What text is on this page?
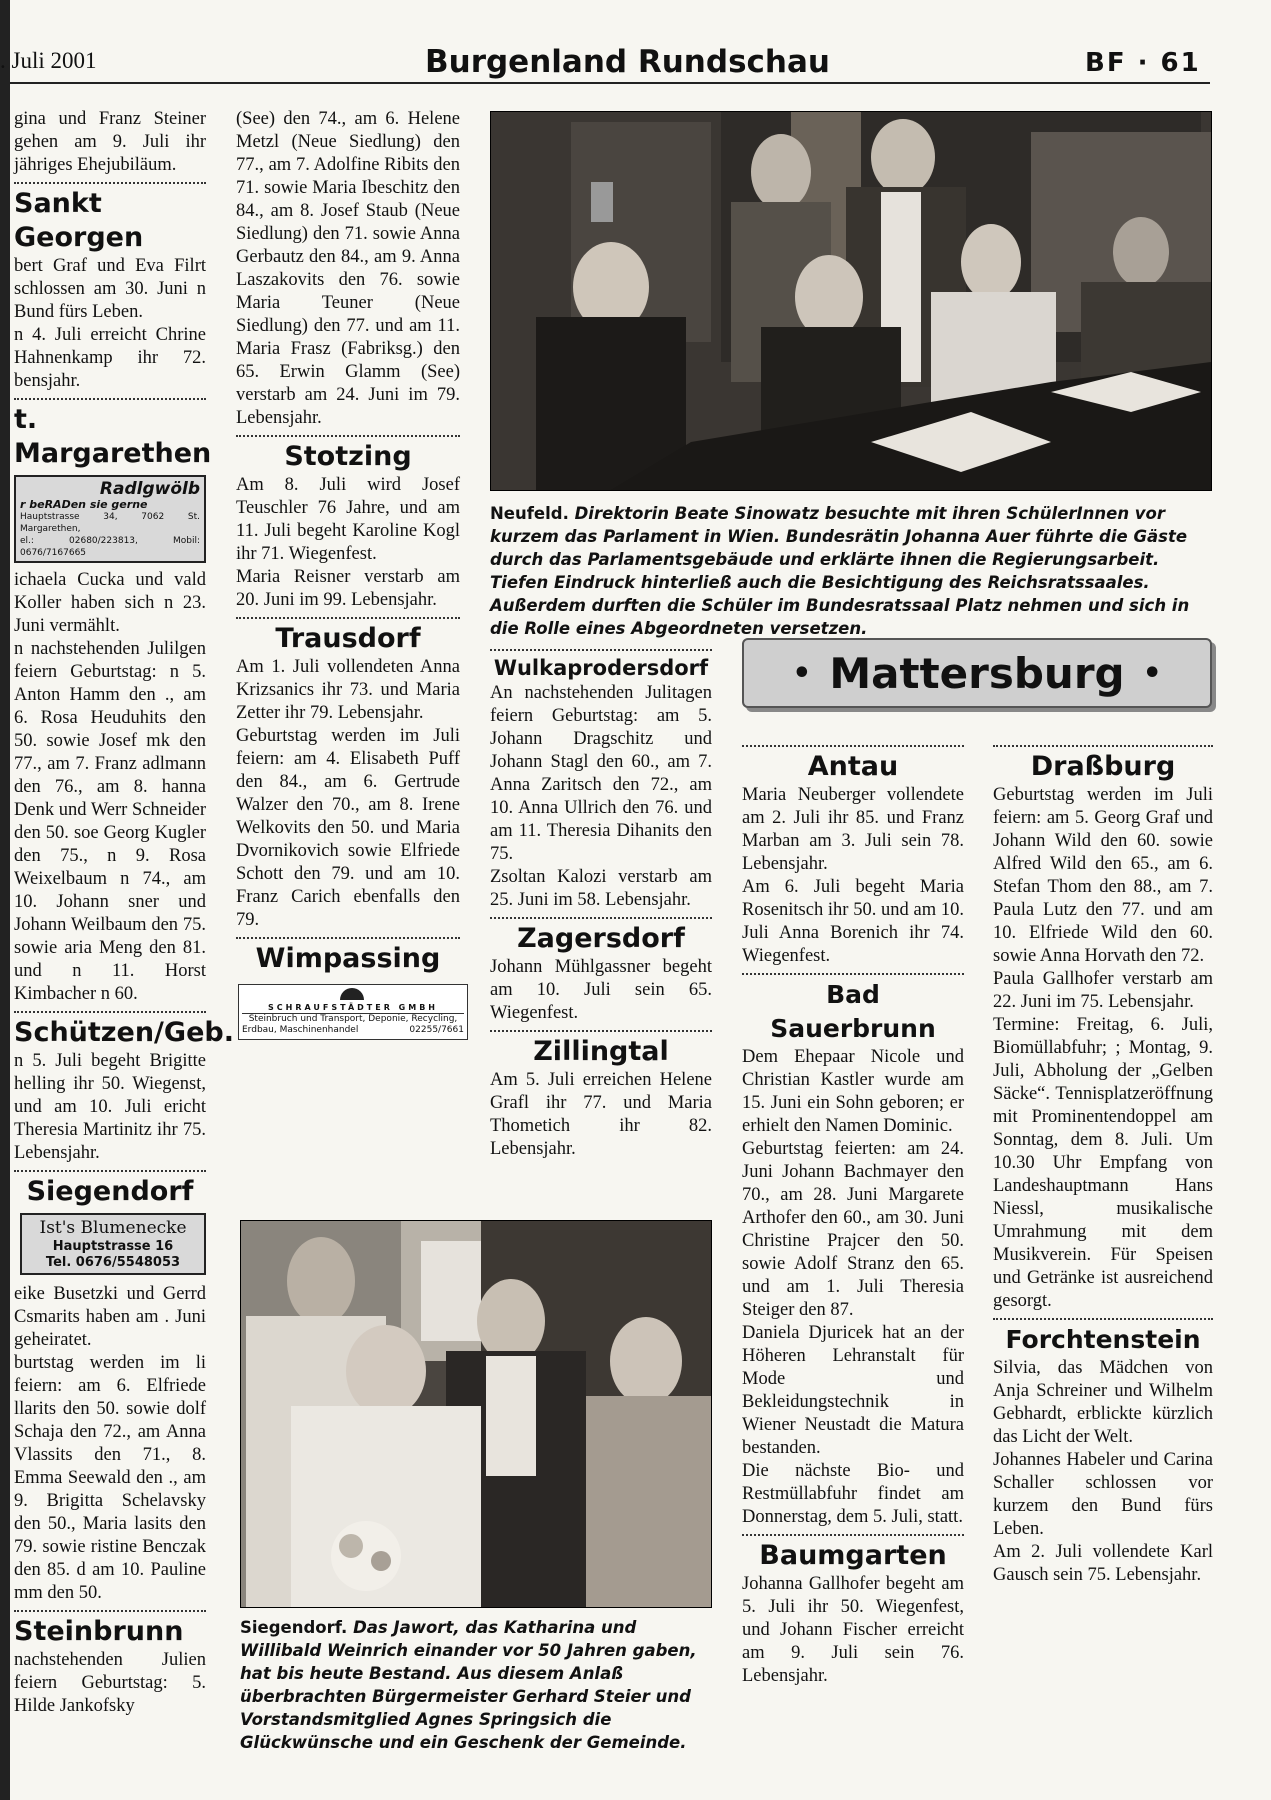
. Juli 2001	Burgenland Rundschau	BF · 61

gina und Franz Steiner gehen am 9. Juli ihr jähriges Ehejubiläum.

Sankt Georgen

bert Graf und Eva Filrt schlossen am 30. Juni n Bund fürs Leben.

n 4. Juli erreicht Chrine Hahnenkamp ihr 72. bensjahr.

t. Margarethen
Radlgwölb
r beRADen sie gerne
Hauptstrasse 34, 7062 St. Margarethen,
el.: 02680/223813, Mobil: 0676/7167665

ichaela Cucka und vald Koller haben sich n 23. Juni vermählt.

n nachstehenden Julilgen feiern Geburtstag: n 5. Anton Hamm den ., am 6. Rosa Heuduhits den 50. sowie Josef mk den 77., am 7. Franz adlmann den 76., am 8. hanna Denk und Werr Schneider den 50. soe Georg Kugler den 75., n 9. Rosa Weixelbaum n 74., am 10. Johann sner und Johann Weilbaum den 75. sowie aria Meng den 81. und n 11. Horst Kimbacher n 60.

Schützen/Geb.

n 5. Juli begeht Brigitte helling ihr 50. Wiegenst, und am 10. Juli ericht Theresia Martinitz ihr 75. Lebensjahr.

Siegendorf
Ist's Blumenecke
Hauptstrasse 16
Tel. 0676/5548053

eike Busetzki und Gerrd Csmarits haben am . Juni geheiratet.

burtstag werden im li feiern: am 6. Elfriede llarits den 50. sowie dolf Schaja den 72., am Anna Vlassits den 71., 8. Emma Seewald den ., am 9. Brigitta Schelavsky den 50., Maria lasits den 79. sowie ristine Benczak den 85. d am 10. Pauline mm den 50.

Steinbrunn

nachstehenden Julien feiern Geburtstag: 5. Hilde Jankofsky

(See) den 74., am 6. Helene Metzl (Neue Siedlung) den 77., am 7. Adolfine Ribits den 71. sowie Maria Ibeschitz den 84., am 8. Josef Staub (Neue Siedlung) den 71. sowie Anna Gerbautz den 84., am 9. Anna Laszakovits den 76. sowie Maria Teuner (Neue Siedlung) den 77. und am 11. Maria Frasz (Fabriksg.) den 65. Erwin Glamm (See) verstarb am 24. Juni im 79. Lebensjahr.

Stotzing

Am 8. Juli wird Josef Teuschler 76 Jahre, und am 11. Juli begeht Karoline Kogl ihr 71. Wiegenfest.

Maria Reisner verstarb am 20. Juni im 99. Lebensjahr.

Trausdorf

Am 1. Juli vollendeten Anna Krizsanics ihr 73. und Maria Zetter ihr 79. Lebensjahr.

Geburtstag werden im Juli feiern: am 4. Elisabeth Puff den 84., am 6. Gertrude Walzer den 70., am 8. Irene Welkovits den 50. und Maria Dvornikovich sowie Elfriede Schott den 79. und am 10. Franz Carich ebenfalls den 79.

Wimpassing
SCHRAUFSTÄDTER GMBH
Steinbruch und Transport, Deponie, Recycling,
Erdbau, Maschinenhandel	02255/7661
Neufeld. Direktorin Beate Sinowatz besuchte mit ihren SchülerInnen vor kurzem das Parlament in Wien. Bundesrätin Johanna Auer führte die Gäste durch das Parlamentsgebäude und erklärte ihnen die Regierungsarbeit. Tiefen Eindruck hinterließ auch die Besichtigung des Reichsratssaales. Außerdem durften die Schüler im Bundesratssaal Platz nehmen und sich in die Rolle eines Abgeordneten versetzen.
• Mattersburg •
Wulkaprodersdorf

An nachstehenden Julitagen feiern Geburtstag: am 5. Johann Dragschitz und Johann Stagl den 60., am 7. Anna Zaritsch den 72., am 10. Anna Ullrich den 76. und am 11. Theresia Dihanits den 75.

Zsoltan Kalozi verstarb am 25. Juni im 58. Lebensjahr.

Zagersdorf

Johann Mühlgassner begeht am 10. Juli sein 65. Wiegenfest.

Zillingtal

Am 5. Juli erreichen Helene Grafl ihr 77. und Maria Thometich ihr 82. Lebensjahr.

Siegendorf. Das Jawort, das Katharina und Willibald Weinrich einander vor 50 Jahren gaben, hat bis heute Bestand. Aus diesem Anlaß überbrachten Bürgermeister Gerhard Steier und Vorstandsmitglied Agnes Springsich die Glückwünsche und ein Geschenk der Gemeinde.
Antau

Maria Neuberger vollendete am 2. Juli ihr 85. und Franz Marban am 3. Juli sein 78. Lebensjahr.

Am 6. Juli begeht Maria Rosenitsch ihr 50. und am 10. Juli Anna Borenich ihr 74. Wiegenfest.

Bad Sauerbrunn

Dem Ehepaar Nicole und Christian Kastler wurde am 15. Juni ein Sohn geboren; er erhielt den Namen Dominic.

Geburtstag feierten: am 24. Juni Johann Bachmayer den 70., am 28. Juni Margarete Arthofer den 60., am 30. Juni Christine Prajcer den 50. sowie Adolf Stranz den 65. und am 1. Juli Theresia Steiger den 87.

Daniela Djuricek hat an der Höheren Lehranstalt für Mode und Bekleidungstechnik in Wiener Neustadt die Matura bestanden.

Die nächste Bio- und Restmüllabfuhr findet am Donnerstag, dem 5. Juli, statt.

Baumgarten

Johanna Gallhofer begeht am 5. Juli ihr 50. Wiegenfest, und Johann Fischer erreicht am 9. Juli sein 76. Lebensjahr.

Draßburg

Geburtstag werden im Juli feiern: am 5. Georg Graf und Johann Wild den 60. sowie Alfred Wild den 65., am 6. Stefan Thom den 88., am 7. Paula Lutz den 77. und am 10. Elfriede Wild den 60. sowie Anna Horvath den 72.

Paula Gallhofer verstarb am 22. Juni im 75. Lebensjahr.

Termine: Freitag, 6. Juli, Biomüllabfuhr; ; Montag, 9. Juli, Abholung der „Gelben Säcke“. Tennisplatzeröffnung mit Prominentendoppel am Sonntag, dem 8. Juli. Um 10.30 Uhr Empfang von Landeshauptmann Hans Niessl, musikalische Umrahmung mit dem Musikverein. Für Speisen und Getränke ist ausreichend gesorgt.

Forchtenstein

Silvia, das Mädchen von Anja Schreiner und Wilhelm Gebhardt, erblickte kürzlich das Licht der Welt.

Johannes Habeler und Carina Schaller schlossen vor kurzem den Bund fürs Leben.

Am 2. Juli vollendete Karl Gausch sein 75. Lebensjahr.
